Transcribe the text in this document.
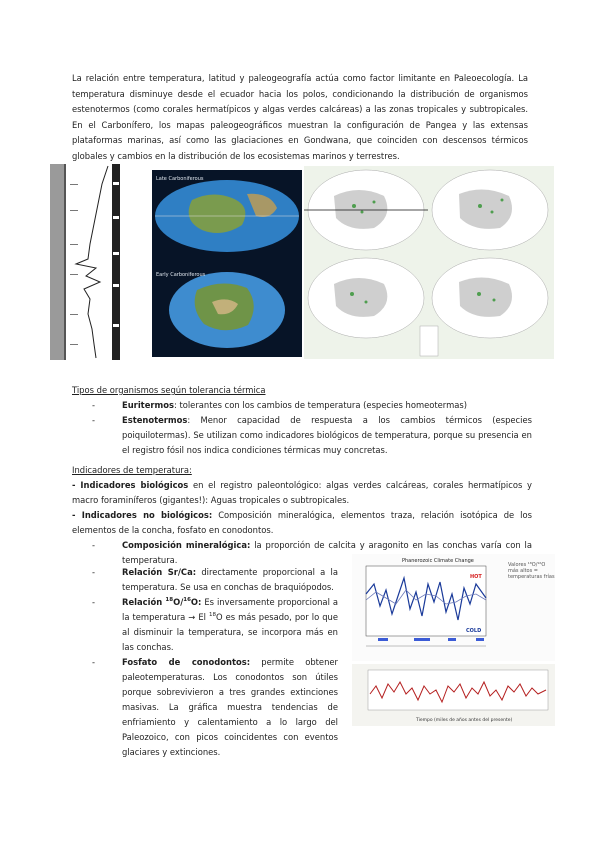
La relación entre temperatura, latitud y paleogeografía actúa como factor limitante en Paleoecología. La temperatura disminuye desde el ecuador hacia los polos, condicionando la distribución de organismos estenotermos (como corales hermatípicos y algas verdes calcáreas) a las zonas tropicales y subtropicales. En el Carbonífero, los mapas paleogeográficos muestran la configuración de Pangea y las extensas plataformas marinas, así como las glaciaciones en Gondwana, que coinciden con descensos térmicos globales y cambios en la distribución de los ecosistemas marinos y terrestres.

Late Carboniferous
Early Carboniferous
Tipos de organismos según tolerancia térmica
-	Euritermos: tolerantes con los cambios de temperatura (especies homeotermas)
-	Estenotermos: Menor capacidad de respuesta a los cambios térmicos (especies poiquilotermas). Se utilizan como indicadores biológicos de temperatura, porque su presencia en el registro fósil nos indica condiciones térmicas muy concretas.
Indicadores de temperatura:
- Indicadores biológicos en el registro paleontológico: algas verdes calcáreas, corales hermatípicos y macro foraminíferos (gigantes!): Aguas tropicales o subtropicales.
- Indicadores no biológicos: Composición mineralógica, elementos traza, relación isotópica de los elementos de la concha, fosfato en conodontos.
-	Composición mineralógica: la proporción de calcita y aragonito en las conchas varía con la temperatura.
-	Relación Sr/Ca: directamente proporcional a la temperatura. Se usa en conchas de braquiópodos.
-	Relación $^{18}$O/$^{16}$O: Es inversamente proporcional a la temperatura → El $^{18}$O es más pesado, por lo que al disminuir la temperatura, se incorpora más en las conchas.
-	Fosfato de conodontos: permite obtener paleotemperaturas. Los conodontos son útiles porque sobrevivieron a tres grandes extinciones masivas. La gráfica muestra tendencias de enfriamiento y calentamiento a lo largo del Paleozoico, con picos coincidentes con eventos glaciares y extinciones.
Phanerozoic Climate Change
HOT
COLD
Valores ¹⁸O/¹⁶O más altos = temperaturas frías
Tiempo (miles de años antes del presente)
